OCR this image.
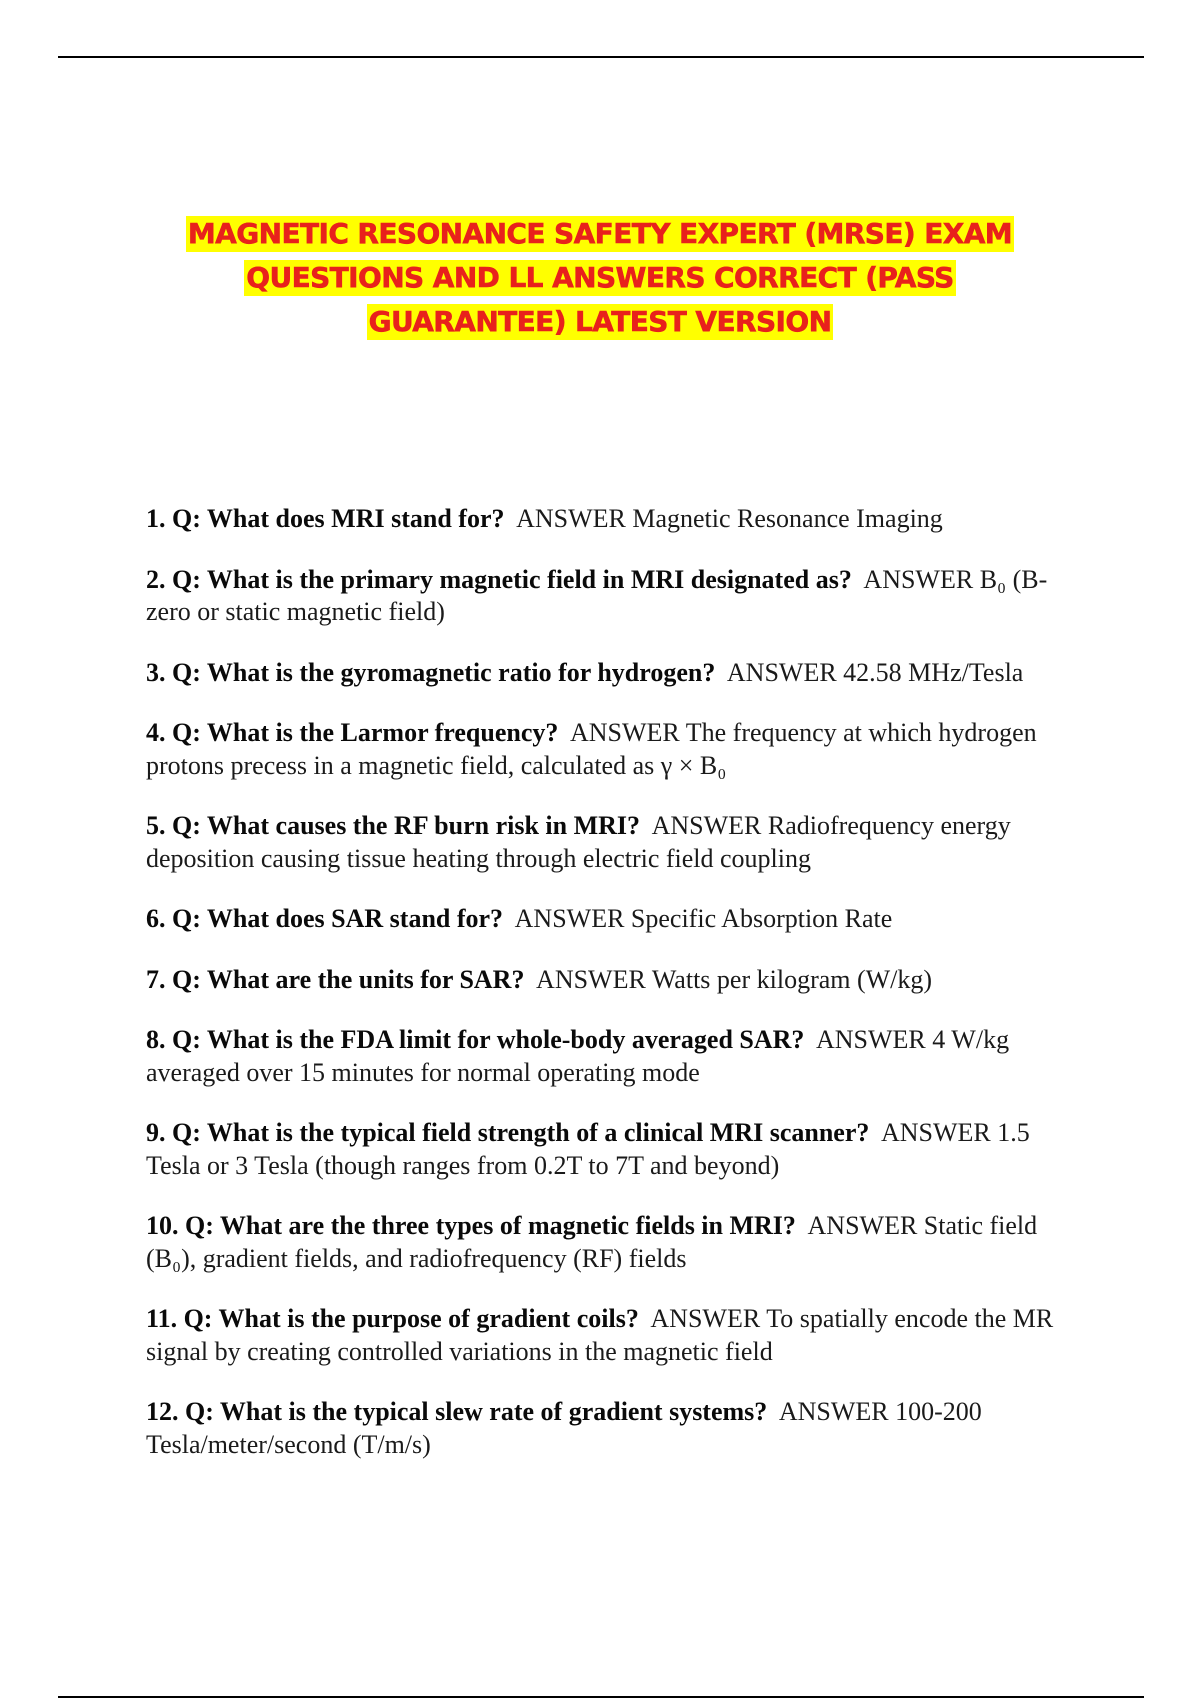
MAGNETIC RESONANCE SAFETY EXPERT (MRSE) EXAM
QUESTIONS AND LL ANSWERS CORRECT (PASS
GUARANTEE) LATEST VERSION
1. Q: What does MRI stand for? ANSWER Magnetic Resonance Imaging
2. Q: What is the primary magnetic field in MRI designated as? ANSWER B₀ (B-zero or static magnetic field)
3. Q: What is the gyromagnetic ratio for hydrogen? ANSWER 42.58 MHz/Tesla
4. Q: What is the Larmor frequency? ANSWER The frequency at which hydrogen protons precess in a magnetic field, calculated as γ × B₀
5. Q: What causes the RF burn risk in MRI? ANSWER Radiofrequency energy deposition causing tissue heating through electric field coupling
6. Q: What does SAR stand for? ANSWER Specific Absorption Rate
7. Q: What are the units for SAR? ANSWER Watts per kilogram (W/kg)
8. Q: What is the FDA limit for whole-body averaged SAR? ANSWER 4 W/kg averaged over 15 minutes for normal operating mode
9. Q: What is the typical field strength of a clinical MRI scanner? ANSWER 1.5 Tesla or 3 Tesla (though ranges from 0.2T to 7T and beyond)
10. Q: What are the three types of magnetic fields in MRI? ANSWER Static field (B₀), gradient fields, and radiofrequency (RF) fields
11. Q: What is the purpose of gradient coils? ANSWER To spatially encode the MR signal by creating controlled variations in the magnetic field
12. Q: What is the typical slew rate of gradient systems? ANSWER 100-200 Tesla/meter/second (T/m/s)
